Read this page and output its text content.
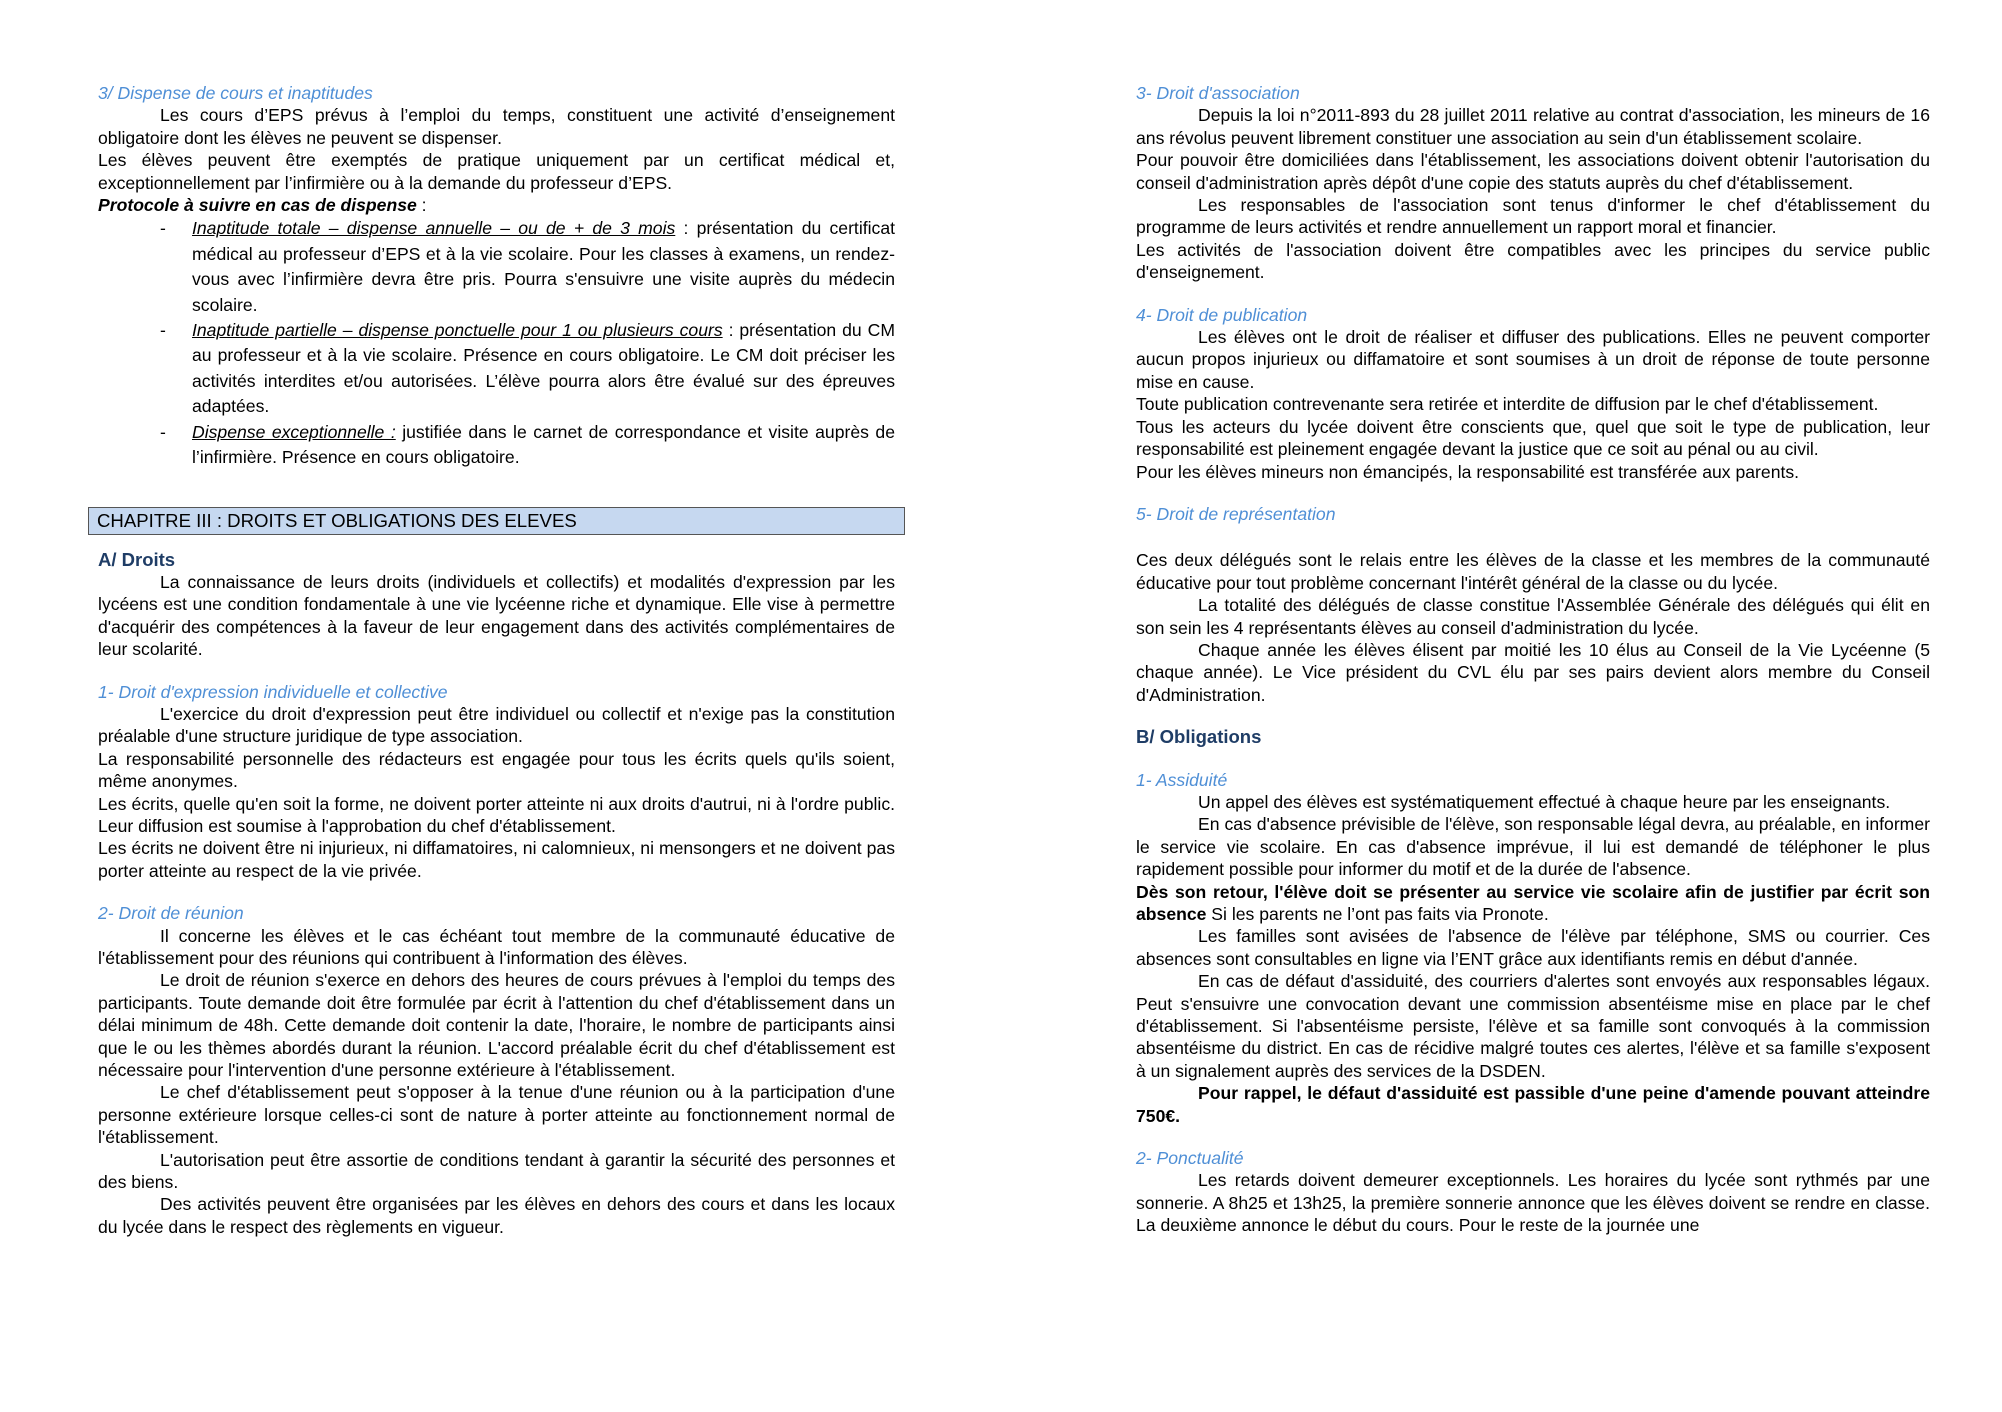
3/ Dispense de cours et inaptitudes

Les cours d’EPS prévus à l’emploi du temps, constituent une activité d’enseignement obligatoire dont les élèves ne peuvent se dispenser.

Les élèves peuvent être exemptés de pratique uniquement par un certificat médical et, exceptionnellement par l’infirmière ou à la demande du professeur d’EPS.

Protocole à suivre en cas de dispense :

- Inaptitude totale – dispense annuelle – ou de + de 3 mois : présentation du certificat médical au professeur d’EPS et à la vie scolaire. Pour les classes à examens, un rendez-vous avec l’infirmière devra être pris. Pourra s'ensuivre une visite auprès du médecin scolaire.
- Inaptitude partielle – dispense ponctuelle pour 1 ou plusieurs cours : présentation du CM au professeur et à la vie scolaire. Présence en cours obligatoire. Le CM doit préciser les activités interdites et/ou autorisées. L’élève pourra alors être évalué sur des épreuves adaptées.
- Dispense exceptionnelle : justifiée dans le carnet de correspondance et visite auprès de l’infirmière. Présence en cours obligatoire.
CHAPITRE III : DROITS ET OBLIGATIONS DES ELEVES

A/ Droits

La connaissance de leurs droits (individuels et collectifs) et modalités d'expression par les lycéens est une condition fondamentale à une vie lycéenne riche et dynamique. Elle vise à permettre d'acquérir des compétences à la faveur de leur engagement dans des activités complémentaires de leur scolarité.

1- Droit d'expression individuelle et collective

L'exercice du droit d'expression peut être individuel ou collectif et n'exige pas la constitution préalable d'une structure juridique de type association.

La responsabilité personnelle des rédacteurs est engagée pour tous les écrits quels qu'ils soient, même anonymes.

Les écrits, quelle qu'en soit la forme, ne doivent porter atteinte ni aux droits d'autrui, ni à l'ordre public. Leur diffusion est soumise à l'approbation du chef d'établissement.

Les écrits ne doivent être ni injurieux, ni diffamatoires, ni calomnieux, ni mensongers et ne doivent pas porter atteinte au respect de la vie privée.

2- Droit de réunion

Il concerne les élèves et le cas échéant tout membre de la communauté éducative de l'établissement pour des réunions qui contribuent à l'information des élèves.

Le droit de réunion s'exerce en dehors des heures de cours prévues à l'emploi du temps des participants. Toute demande doit être formulée par écrit à l'attention du chef d'établissement dans un délai minimum de 48h. Cette demande doit contenir la date, l'horaire, le nombre de participants ainsi que le ou les thèmes abordés durant la réunion. L'accord préalable écrit du chef d'établissement est nécessaire pour l'intervention d'une personne extérieure à l'établissement.

Le chef d'établissement peut s'opposer à la tenue d'une réunion ou à la participation d'une personne extérieure lorsque celles-ci sont de nature à porter atteinte au fonctionnement normal de l'établissement.

L'autorisation peut être assortie de conditions tendant à garantir la sécurité des personnes et des biens.

Des activités peuvent être organisées par les élèves en dehors des cours et dans les locaux du lycée dans le respect des règlements en vigueur.

3- Droit d'association

Depuis la loi n°2011-893 du 28 juillet 2011 relative au contrat d'association, les mineurs de 16 ans révolus peuvent librement constituer une association au sein d'un établissement scolaire.

Pour pouvoir être domiciliées dans l'établissement, les associations doivent obtenir l'autorisation du conseil d'administration après dépôt d'une copie des statuts auprès du chef d'établissement.

Les responsables de l'association sont tenus d'informer le chef d'établissement du programme de leurs activités et rendre annuellement un rapport moral et financier.

Les activités de l'association doivent être compatibles avec les principes du service public d'enseignement.

4- Droit de publication

Les élèves ont le droit de réaliser et diffuser des publications. Elles ne peuvent comporter aucun propos injurieux ou diffamatoire et sont soumises à un droit de réponse de toute personne mise en cause.

Toute publication contrevenante sera retirée et interdite de diffusion par le chef d'établissement.

Tous les acteurs du lycée doivent être conscients que, quel que soit le type de publication, leur responsabilité est pleinement engagée devant la justice que ce soit au pénal ou au civil.

Pour les élèves mineurs non émancipés, la responsabilité est transférée aux parents.

5- Droit de représentation

Ces deux délégués sont le relais entre les élèves de la classe et les membres de la communauté éducative pour tout problème concernant l'intérêt général de la classe ou du lycée.

La totalité des délégués de classe constitue l'Assemblée Générale des délégués qui élit en son sein les 4 représentants élèves au conseil d'administration du lycée.

Chaque année les élèves élisent par moitié les 10 élus au Conseil de la Vie Lycéenne (5 chaque année). Le Vice président du CVL élu par ses pairs devient alors membre du Conseil d'Administration.

B/ Obligations

1- Assiduité

Un appel des élèves est systématiquement effectué à chaque heure par les enseignants.

En cas d'absence prévisible de l'élève, son responsable légal devra, au préalable, en informer le service vie scolaire. En cas d'absence imprévue, il lui est demandé de téléphoner le plus rapidement possible pour informer du motif et de la durée de l'absence.

Dès son retour, l'élève doit se présenter au service vie scolaire afin de justifier par écrit son absence Si les parents ne l’ont pas faits via Pronote.

Les familles sont avisées de l'absence de l'élève par téléphone, SMS ou courrier. Ces absences sont consultables en ligne via l’ENT grâce aux identifiants remis en début d'année.

En cas de défaut d'assiduité, des courriers d'alertes sont envoyés aux responsables légaux. Peut s'ensuivre une convocation devant une commission absentéisme mise en place par le chef d'établissement. Si l'absentéisme persiste, l'élève et sa famille sont convoqués à la commission absentéisme du district. En cas de récidive malgré toutes ces alertes, l'élève et sa famille s'exposent à un signalement auprès des services de la DSDEN.

Pour rappel, le défaut d'assiduité est passible d'une peine d'amende pouvant atteindre 750€.

2- Ponctualité

Les retards doivent demeurer exceptionnels. Les horaires du lycée sont rythmés par une sonnerie. A 8h25 et 13h25, la première sonnerie annonce que les élèves doivent se rendre en classe. La deuxième annonce le début du cours. Pour le reste de la journée une
